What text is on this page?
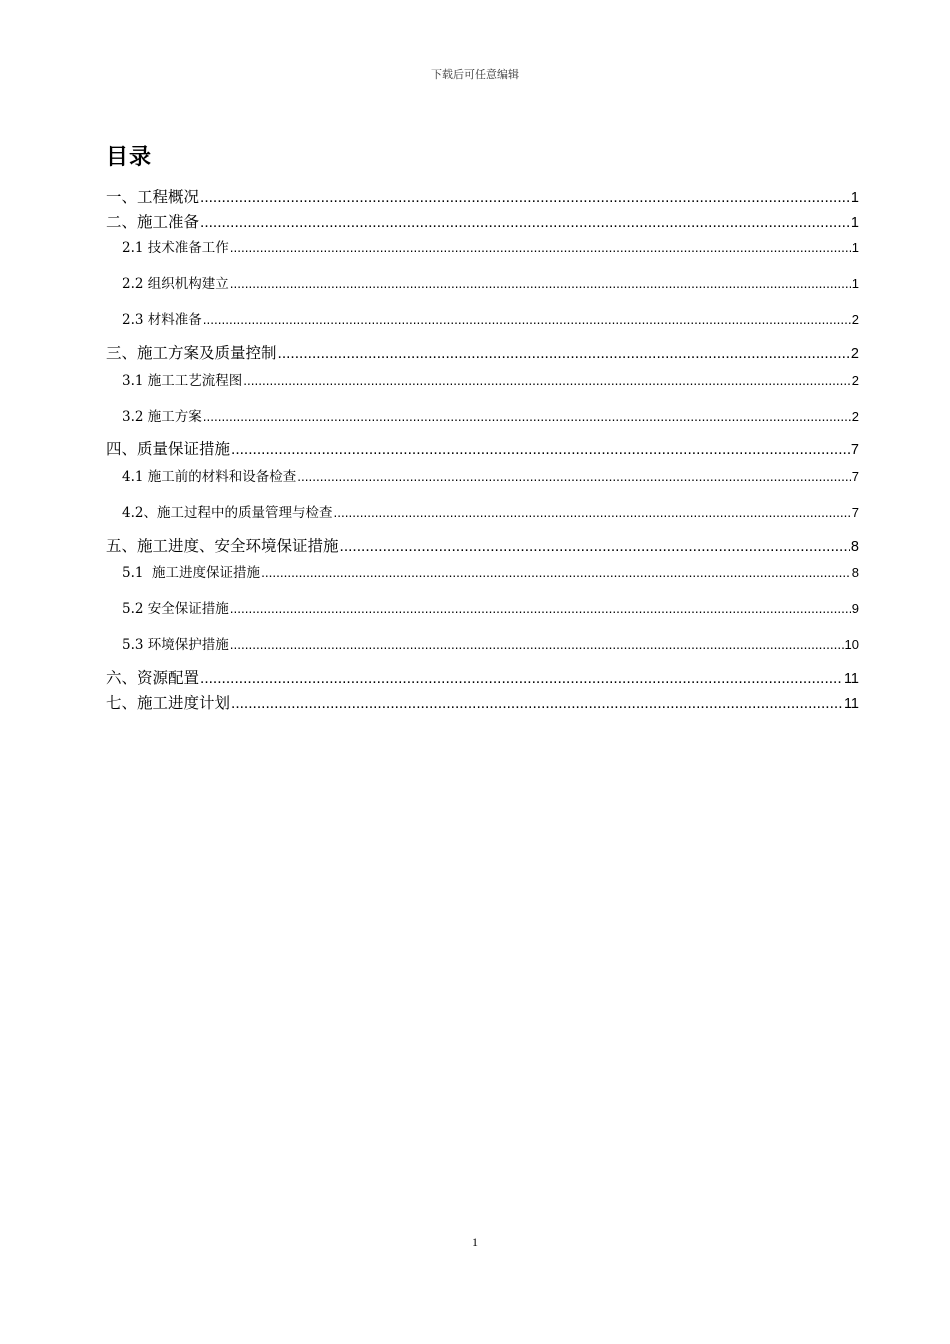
下载后可任意编辑
目录
一、工程概况 .....	1
二、施工准备 .....	1
2.1 技术准备工作 .....	1
2.2 组织机构建立 .....	1
2.3 材料准备 .....	2
三、施工方案及质量控制 .....	2
3.1 施工工艺流程图 .....	2
3.2 施工方案 .....	2
四、质量保证措施 .....	7
4.1 施工前的材料和设备检查 .....	7
4.2、施工过程中的质量管理与检查 .....	7
五、施工进度、安全环境保证措施 .....	8
5.1  施工进度保证措施 .....	8
5.2 安全保证措施 .....	9
5.3 环境保护措施 .....	10
六、资源配置 .....	11
七、施工进度计划 .....	11
1
